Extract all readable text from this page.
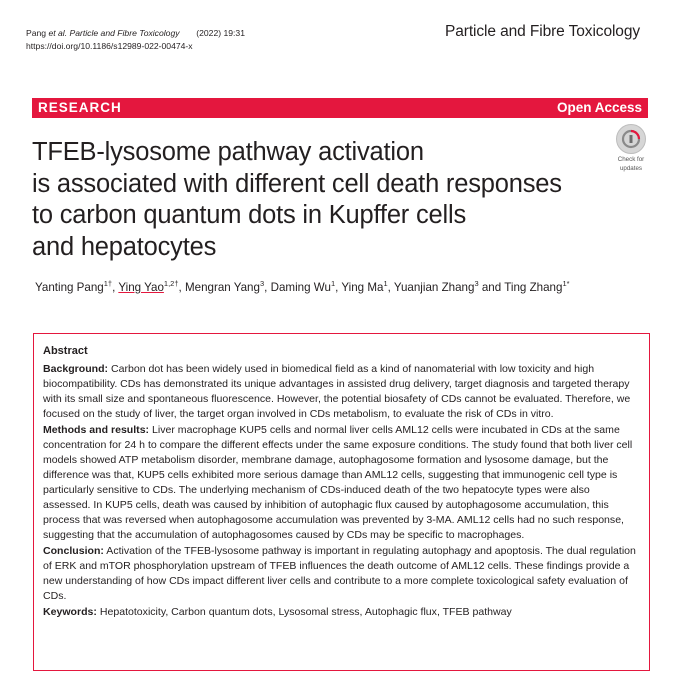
Pang et al. Particle and Fibre Toxicology (2022) 19:31
https://doi.org/10.1186/s12989-022-00474-x
Particle and Fibre Toxicology
RESEARCH	Open Access
TFEB-lysosome pathway activation
is associated with different cell death responses
to carbon quantum dots in Kupffer cells
and hepatocytes
Check for
updates
Yanting Pang$^{1\dagger}$, Ying Yao$^{1,2\dagger}$, Mengran Yang$^3$, Daming Wu$^1$, Ying Ma$^1$, Yuanjian Zhang$^3$ and Ting Zhang$^{1*}$

Abstract

Background: Carbon dot has been widely used in biomedical field as a kind of nanomaterial with low toxicity and high biocompatibility. CDs has demonstrated its unique advantages in assisted drug delivery, target diagnosis and targeted therapy with its small size and spontaneous fluorescence. However, the potential biosafety of CDs cannot be evaluated. Therefore, we focused on the study of liver, the target organ involved in CDs metabolism, to evaluate the risk of CDs in vitro.

Methods and results: Liver macrophage KUP5 cells and normal liver cells AML12 cells were incubated in CDs at the same concentration for 24 h to compare the different effects under the same exposure conditions. The study found that both liver cell models showed ATP metabolism disorder, membrane damage, autophagosome formation and lysosome damage, but the difference was that, KUP5 cells exhibited more serious damage than AML12 cells, suggesting that immunogenic cell type is particularly sensitive to CDs. The underlying mechanism of CDs-induced death of the two hepatocyte types were also assessed. In KUP5 cells, death was caused by inhibition of autophagic flux caused by autophagosome accumulation, this process that was reversed when autophagosome accumulation was prevented by 3-MA. AML12 cells had no such response, suggesting that the accumulation of autophagosomes caused by CDs may be specific to macrophages.

Conclusion: Activation of the TFEB-lysosome pathway is important in regulating autophagy and apoptosis. The dual regulation of ERK and mTOR phosphorylation upstream of TFEB influences the death outcome of AML12 cells. These findings provide a new understanding of how CDs impact different liver cells and contribute to a more complete toxicological safety evaluation of CDs.

Keywords: Hepatotoxicity, Carbon quantum dots, Lysosomal stress, Autophagic flux, TFEB pathway
